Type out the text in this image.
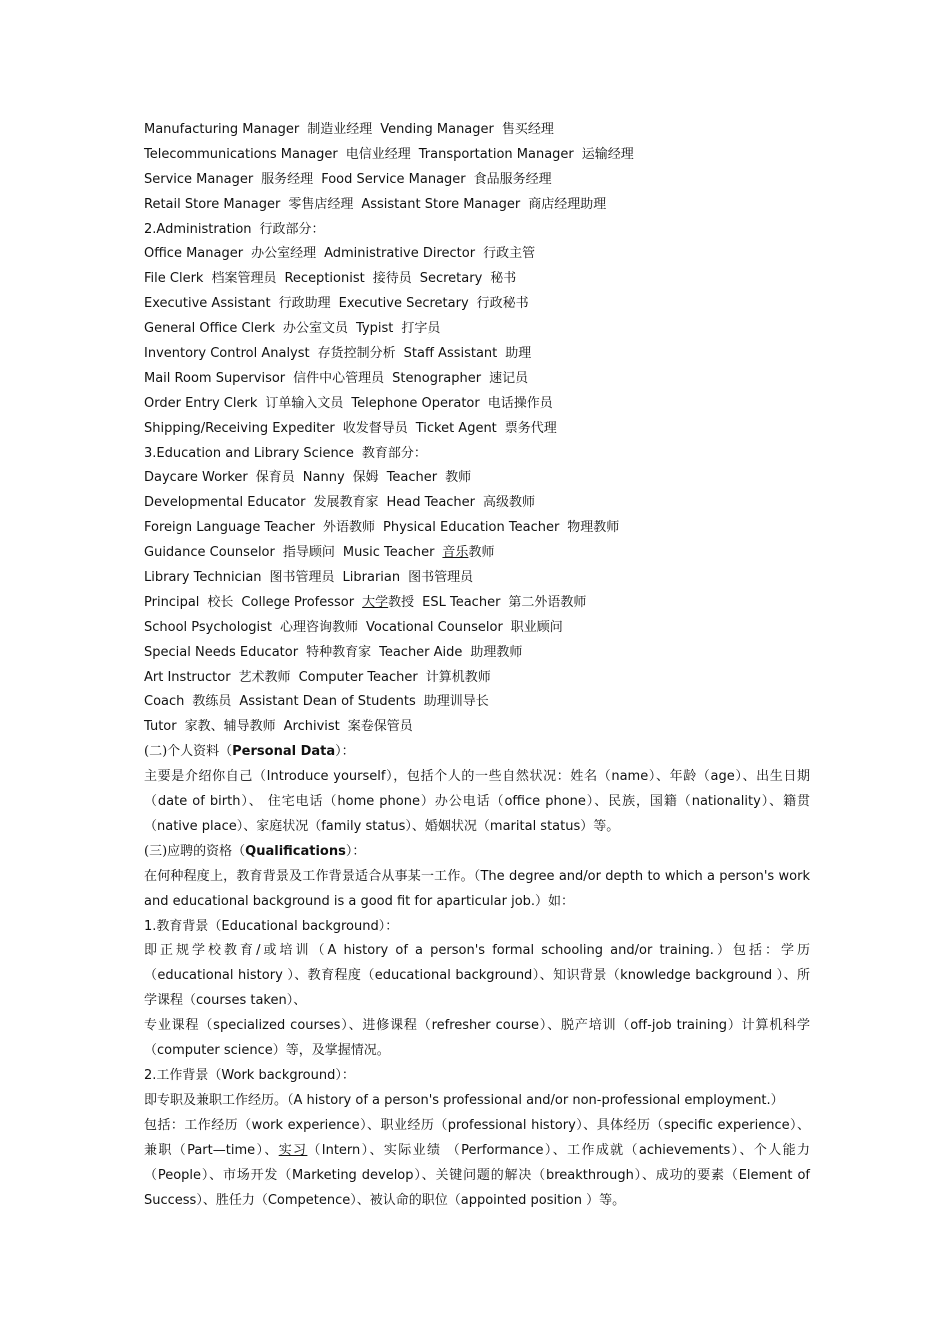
Manufacturing Manager 制造业经理 Vending Manager 售买经理
Telecommunications Manager 电信业经理 Transportation Manager 运输经理
Service Manager 服务经理 Food Service Manager 食品服务经理
Retail Store Manager 零售店经理 Assistant Store Manager 商店经理助理
2.Administration 行政部分：
Office Manager 办公室经理 Administrative Director 行政主管
File Clerk 档案管理员 Receptionist 接待员 Secretary 秘书
Executive Assistant 行政助理 Executive Secretary 行政秘书
General Office Clerk 办公室文员 Typist 打字员
Inventory Control Analyst 存货控制分析 Staff Assistant 助理
Mail Room Supervisor 信件中心管理员 Stenographer 速记员
Order Entry Clerk 订单输入文员 Telephone Operator 电话操作员
Shipping/Receiving Expediter 收发督导员 Ticket Agent 票务代理
3.Education and Library Science 教育部分：
Daycare Worker 保育员 Nanny 保姆 Teacher 教师
Developmental Educator 发展教育家 Head Teacher 高级教师
Foreign Language Teacher 外语教师 Physical Education Teacher 物理教师
Guidance Counselor 指导顾问 Music Teacher 音乐教师
Library Technician 图书管理员 Librarian 图书管理员
Principal 校长 College Professor 大学教授 ESL Teacher 第二外语教师
School Psychologist 心理咨询教师 Vocational Counselor 职业顾问
Special Needs Educator 特种教育家 Teacher Aide 助理教师
Art Instructor 艺术教师 Computer Teacher 计算机教师
Coach 教练员 Assistant Dean of Students 助理训导长
Tutor 家教、辅导教师 Archivist 案卷保管员
(二)个人资料（Personal Data）：
主要是介绍你自己（Introduce yourself），包括个人的一些自然状况：姓名（name）、年龄（age）、出生日期（date of birth）、 住宅电话（home phone）办公电话（office phone）、民族，国籍（nationality）、籍贯（native place）、家庭状况（family status）、婚姻状况（marital status）等。
(三)应聘的资格（Qualifications）：
在何种程度上，教育背景及工作背景适合从事某一工作。（The degree and/or depth to which a person's work and educational background is a good fit for aparticular job.）如：
1.教育背景（Educational background）：
即正规学校教育/或培训（A history of a person's formal schooling and/or training.）包括：学历（educational history ）、教育程度（educational background）、知识背景（knowledge background ）、所学课程（courses taken）、
专业课程（specialized courses）、进修课程（refresher course）、脱产培训（off-job training）计算机科学（computer science）等，及掌握情况。
2.工作背景（Work background）：
即专职及兼职工作经历。（A history of a person's professional and/or non-professional employment.）
包括：工作经历（work experience）、职业经历（professional history）、具体经历（specific experience）、兼职（Part—time）、实习（Intern）、实际业绩 （Performance）、工作成就（achievements）、个人能力（People）、市场开发（Marketing develop）、关键问题的解决（breakthrough）、成功的要素（Element of Success）、胜任力（Competence）、被认命的职位（appointed position ）等。
